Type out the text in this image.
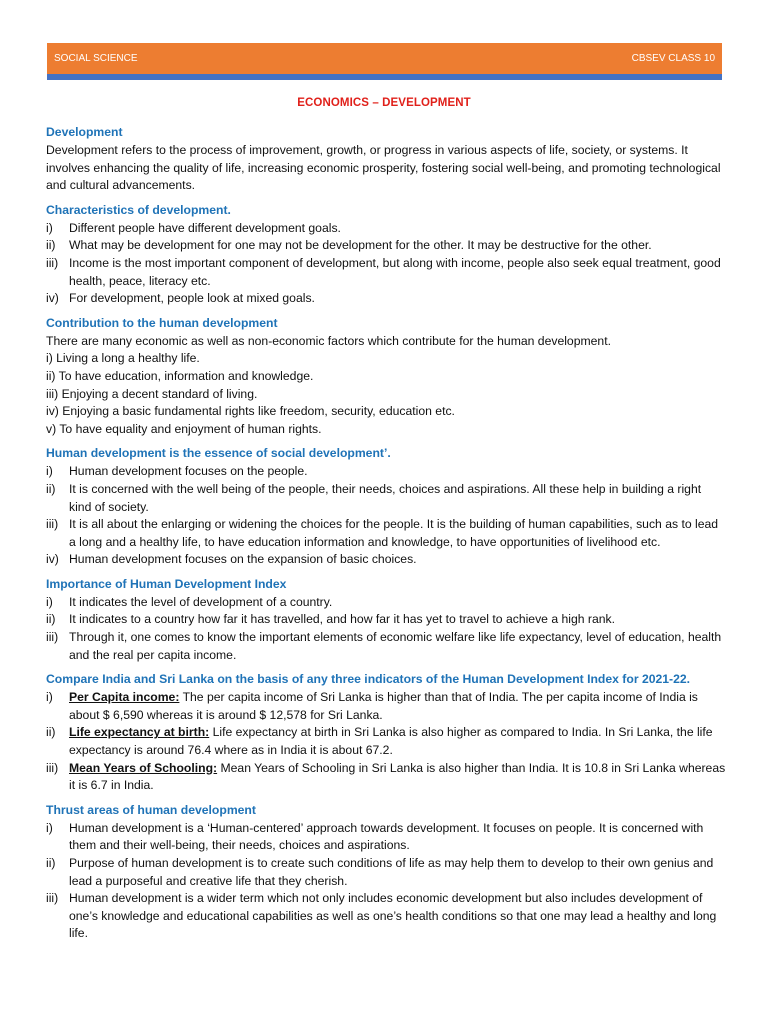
SOCIAL SCIENCE	CBSEV CLASS 10
ECONOMICS – DEVELOPMENT
Development

Development refers to the process of improvement, growth, or progress in various aspects of life, society, or systems. It involves enhancing the quality of life, increasing economic prosperity, fostering social well-being, and promoting technological and cultural advancements.

Characteristics of development.
i)	Different people have different development goals.
ii)	What may be development for one may not be development for the other. It may be destructive for the other.
iii) Income is the most important component of development, but along with income, people also seek equal treatment, good health, peace, literacy etc.
iv) For development, people look at mixed goals.
Contribution to the human development

There are many economic as well as non-economic factors which contribute for the human development.

i) Living a long a healthy life.

ii) To have education, information and knowledge.

iii) Enjoying a decent standard of living.

iv) Enjoying a basic fundamental rights like freedom, security, education etc.

v) To have equality and enjoyment of human rights.

Human development is the essence of social development’.
i)	Human development focuses on the people.
ii)	It is concerned with the well being of the people, their needs, choices and aspirations. All these help in building a right kind of society.
iii) It is all about the enlarging or widening the choices for the people. It is the building of human capabilities, such as to lead a long and a healthy life, to have education information and knowledge, to have opportunities of livelihood etc.
iv) Human development focuses on the expansion of basic choices.
Importance of Human Development Index
i)	It indicates the level of development of a country.
ii)	It indicates to a country how far it has travelled, and how far it has yet to travel to achieve a high rank.
iii) Through it, one comes to know the important elements of economic welfare like life expectancy, level of education, health and the real per capita income.
Compare India and Sri Lanka on the basis of any three indicators of the Human Development Index for 2021-22.
i)	Per Capita income: The per capita income of Sri Lanka is higher than that of India. The per capita income of India is about $ 6,590 whereas it is around $ 12,578 for Sri Lanka.
ii)	Life expectancy at birth: Life expectancy at birth in Sri Lanka is also higher as compared to India. In Sri Lanka, the life expectancy is around 76.4 where as in India it is about 67.2.
iii) Mean Years of Schooling: Mean Years of Schooling in Sri Lanka is also higher than India. It is 10.8 in Sri Lanka whereas it is 6.7 in India.
Thrust areas of human development
i)	Human development is a ‘Human-centered’ approach towards development. It focuses on people. It is concerned with them and their well-being, their needs, choices and aspirations.
ii)	Purpose of human development is to create such conditions of life as may help them to develop to their own genius and lead a purposeful and creative life that they cherish.
iii) Human development is a wider term which not only includes economic development but also includes development of one’s knowledge and educational capabilities as well as one’s health conditions so that one may lead a healthy and long life.
